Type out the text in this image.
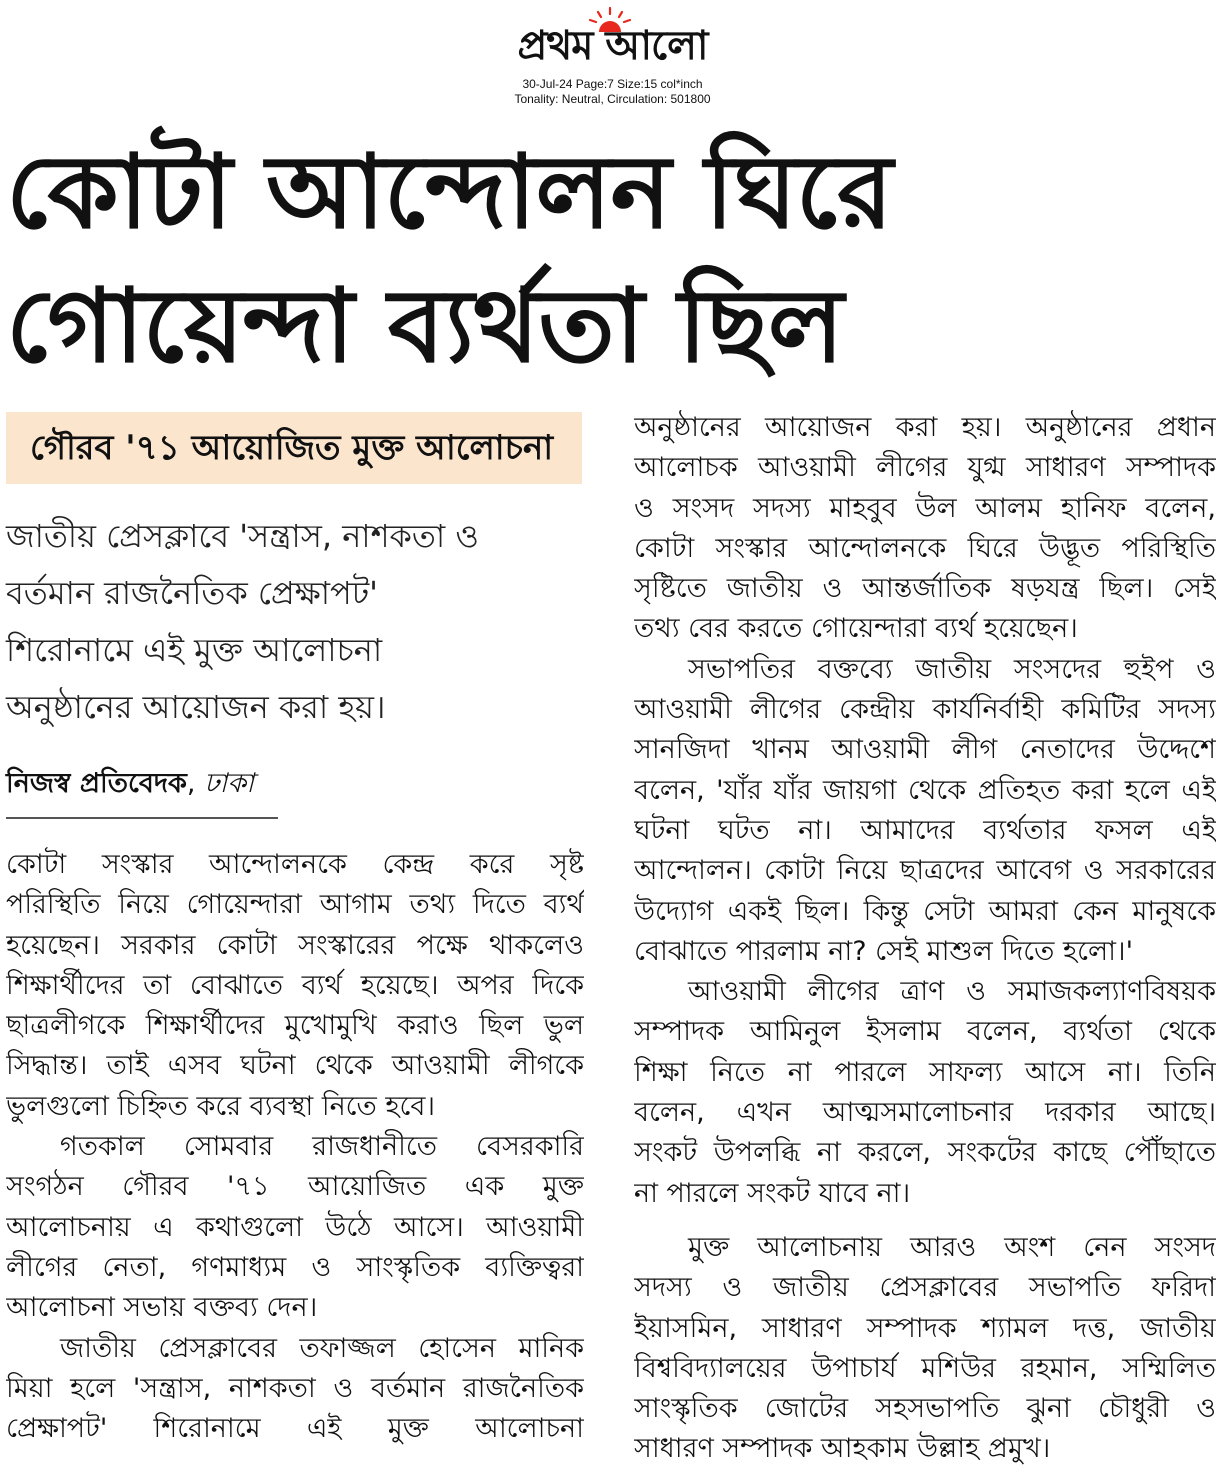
প্রথম আলো
30-Jul-24 Page:7 Size:15 col*inch
Tonality: Neutral, Circulation: 501800
কোটা আন্দোলন ঘিরে
গোয়েন্দা ব্যর্থতা ছিল
গৌরব '৭১ আয়োজিত মুক্ত আলোচনা
জাতীয় প্রেসক্লাবে 'সন্ত্রাস, নাশকতা ও
বর্তমান রাজনৈতিক প্রেক্ষাপট'
শিরোনামে এই মুক্ত আলোচনা
অনুষ্ঠানের আয়োজন করা হয়।
নিজস্ব প্রতিবেদক, ঢাকা
কোটা সংস্কার আন্দোলনকে কেন্দ্র করে সৃষ্ট
পরিস্থিতি নিয়ে গোয়েন্দারা আগাম তথ্য দিতে ব্যর্থ
হয়েছেন। সরকার কোটা সংস্কারের পক্ষে থাকলেও
শিক্ষার্থীদের তা বোঝাতে ব্যর্থ হয়েছে। অপর দিকে
ছাত্রলীগকে শিক্ষার্থীদের মুখোমুখি করাও ছিল ভুল
সিদ্ধান্ত। তাই এসব ঘটনা থেকে আওয়ামী লীগকে
ভুলগুলো চিহ্নিত করে ব্যবস্থা নিতে হবে।
গতকাল সোমবার রাজধানীতে বেসরকারি
সংগঠন গৌরব '৭১ আয়োজিত এক মুক্ত
আলোচনায় এ কথাগুলো উঠে আসে। আওয়ামী
লীগের নেতা, গণমাধ্যম ও সাংস্কৃতিক ব্যক্তিত্বরা
আলোচনা সভায় বক্তব্য দেন।
জাতীয় প্রেসক্লাবের তফাজ্জল হোসেন মানিক
মিয়া হলে 'সন্ত্রাস, নাশকতা ও বর্তমান রাজনৈতিক
প্রেক্ষাপট' শিরোনামে এই মুক্ত আলোচনা
অনুষ্ঠানের আয়োজন করা হয়। অনুষ্ঠানের প্রধান
আলোচক আওয়ামী লীগের যুগ্ম সাধারণ সম্পাদক
ও সংসদ সদস্য মাহবুব উল আলম হানিফ বলেন,
কোটা সংস্কার আন্দোলনকে ঘিরে উদ্ভূত পরিস্থিতি
সৃষ্টিতে জাতীয় ও আন্তর্জাতিক ষড়যন্ত্র ছিল। সেই
তথ্য বের করতে গোয়েন্দারা ব্যর্থ হয়েছেন।
সভাপতির বক্তব্যে জাতীয় সংসদের হুইপ ও
আওয়ামী লীগের কেন্দ্রীয় কার্যনির্বাহী কমিটির সদস্য
সানজিদা খানম আওয়ামী লীগ নেতাদের উদ্দেশে
বলেন, 'যাঁর যাঁর জায়গা থেকে প্রতিহত করা হলে এই
ঘটনা ঘটত না। আমাদের ব্যর্থতার ফসল এই
আন্দোলন। কোটা নিয়ে ছাত্রদের আবেগ ও সরকারের
উদ্যোগ একই ছিল। কিন্তু সেটা আমরা কেন মানুষকে
বোঝাতে পারলাম না? সেই মাশুল দিতে হলো।'
আওয়ামী লীগের ত্রাণ ও সমাজকল্যাণবিষয়ক
সম্পাদক আমিনুল ইসলাম বলেন, ব্যর্থতা থেকে
শিক্ষা নিতে না পারলে সাফল্য আসে না। তিনি
বলেন, এখন আত্মসমালোচনার দরকার আছে।
সংকট উপলব্ধি না করলে, সংকটের কাছে পৌঁছাতে
না পারলে সংকট যাবে না।
মুক্ত আলোচনায় আরও অংশ নেন সংসদ
সদস্য ও জাতীয় প্রেসক্লাবের সভাপতি ফরিদা
ইয়াসমিন, সাধারণ সম্পাদক শ্যামল দত্ত, জাতীয়
বিশ্ববিদ্যালয়ের উপাচার্য মশিউর রহমান, সম্মিলিত
সাংস্কৃতিক জোটের সহসভাপতি ঝুনা চৌধুরী ও
সাধারণ সম্পাদক আহকাম উল্লাহ প্রমুখ।
